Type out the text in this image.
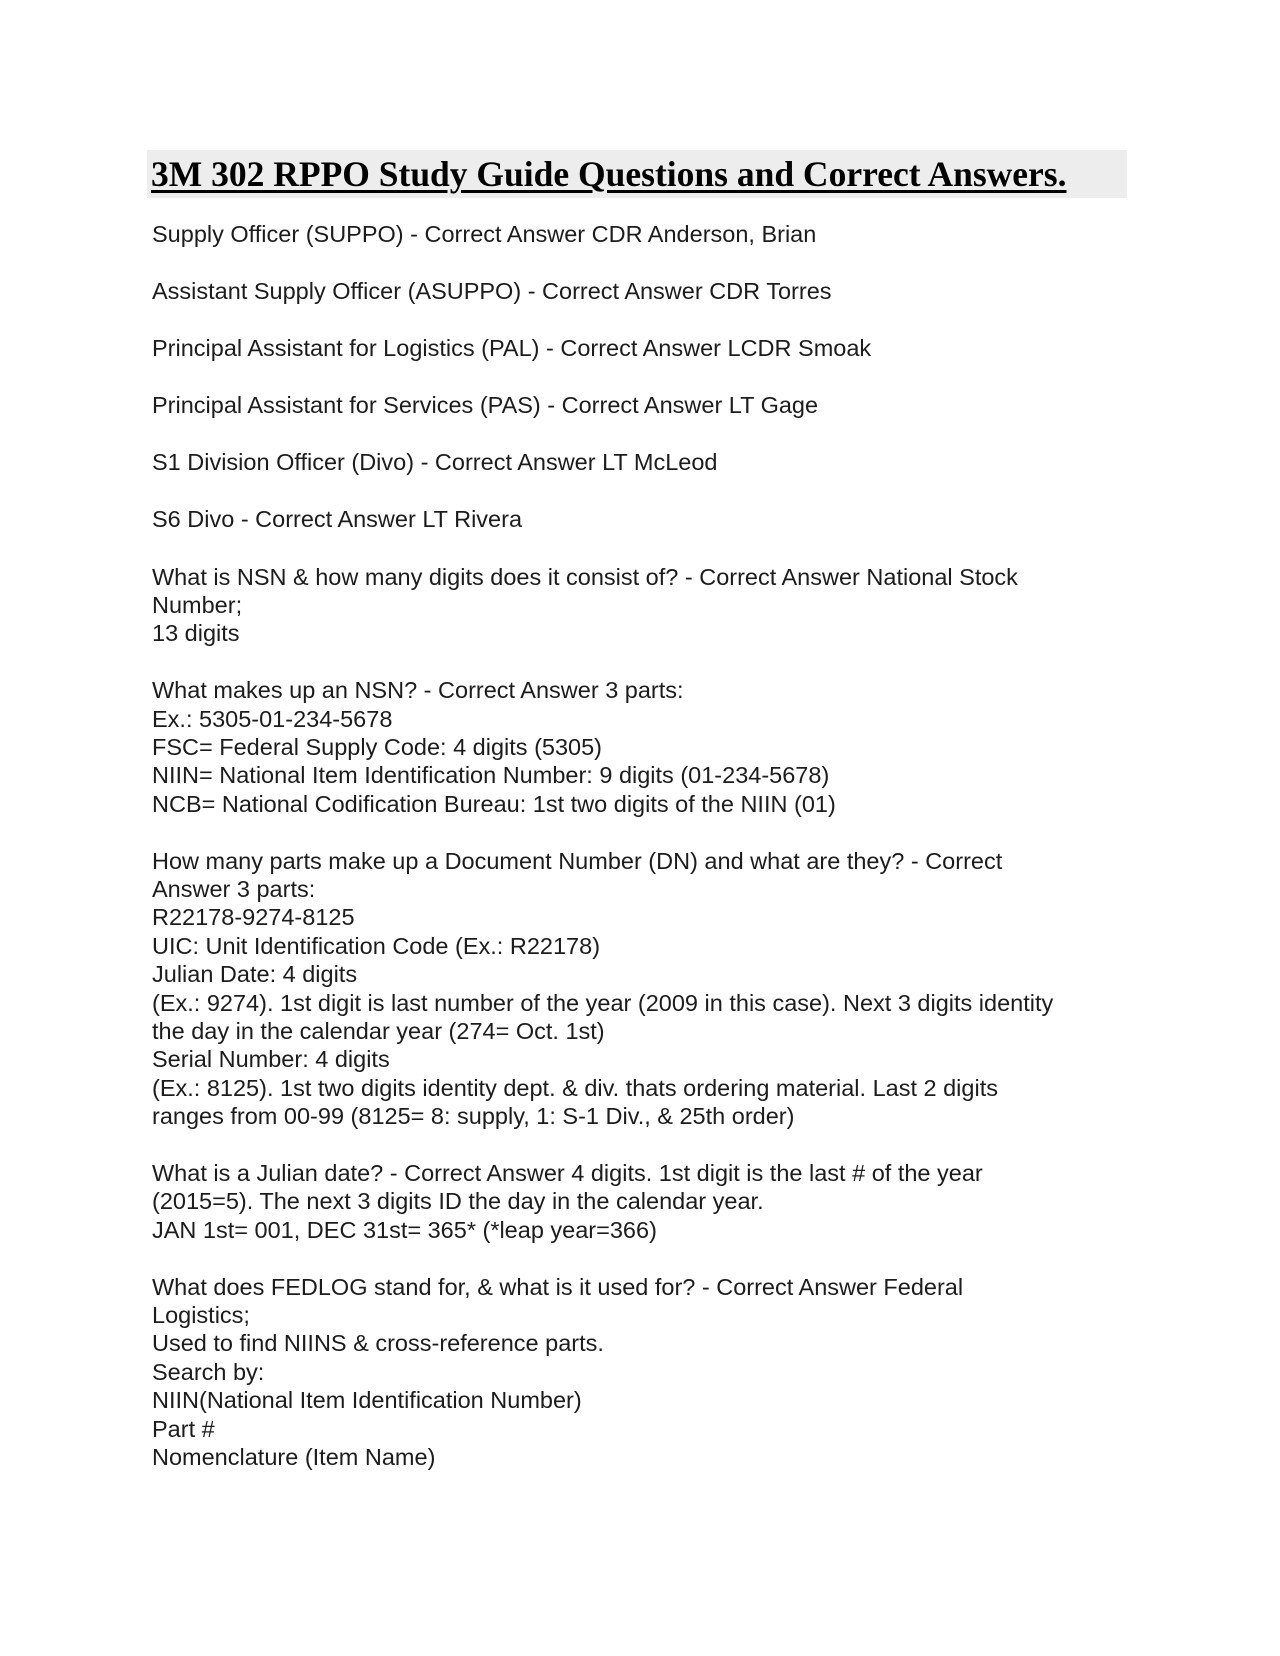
3M 302 RPPO Study Guide Questions and Correct Answers.
Supply Officer (SUPPO) - Correct Answer CDR Anderson, Brian
Assistant Supply Officer (ASUPPO) - Correct Answer CDR Torres
Principal Assistant for Logistics (PAL) - Correct Answer LCDR Smoak
Principal Assistant for Services (PAS) - Correct Answer LT Gage
S1 Division Officer (Divo) - Correct Answer LT McLeod
S6 Divo - Correct Answer LT Rivera
What is NSN & how many digits does it consist of? - Correct Answer National Stock
Number;
13 digits
What makes up an NSN? - Correct Answer 3 parts:
Ex.: 5305-01-234-5678
FSC= Federal Supply Code: 4 digits (5305)
NIIN= National Item Identification Number: 9 digits (01-234-5678)
NCB= National Codification Bureau: 1st two digits of the NIIN (01)
How many parts make up a Document Number (DN) and what are they? - Correct
Answer 3 parts:
R22178-9274-8125
UIC: Unit Identification Code (Ex.: R22178)
Julian Date: 4 digits
(Ex.: 9274). 1st digit is last number of the year (2009 in this case). Next 3 digits identity
the day in the calendar year (274= Oct. 1st)
Serial Number: 4 digits
(Ex.: 8125). 1st two digits identity dept. & div. thats ordering material. Last 2 digits
ranges from 00-99 (8125= 8: supply, 1: S-1 Div., & 25th order)
What is a Julian date? - Correct Answer 4 digits. 1st digit is the last # of the year
(2015=5). The next 3 digits ID the day in the calendar year.
JAN 1st= 001, DEC 31st= 365* (*leap year=366)
What does FEDLOG stand for, & what is it used for? - Correct Answer Federal
Logistics;
Used to find NIINS & cross-reference parts.
Search by:
NIIN(National Item Identification Number)
Part #
Nomenclature (Item Name)
